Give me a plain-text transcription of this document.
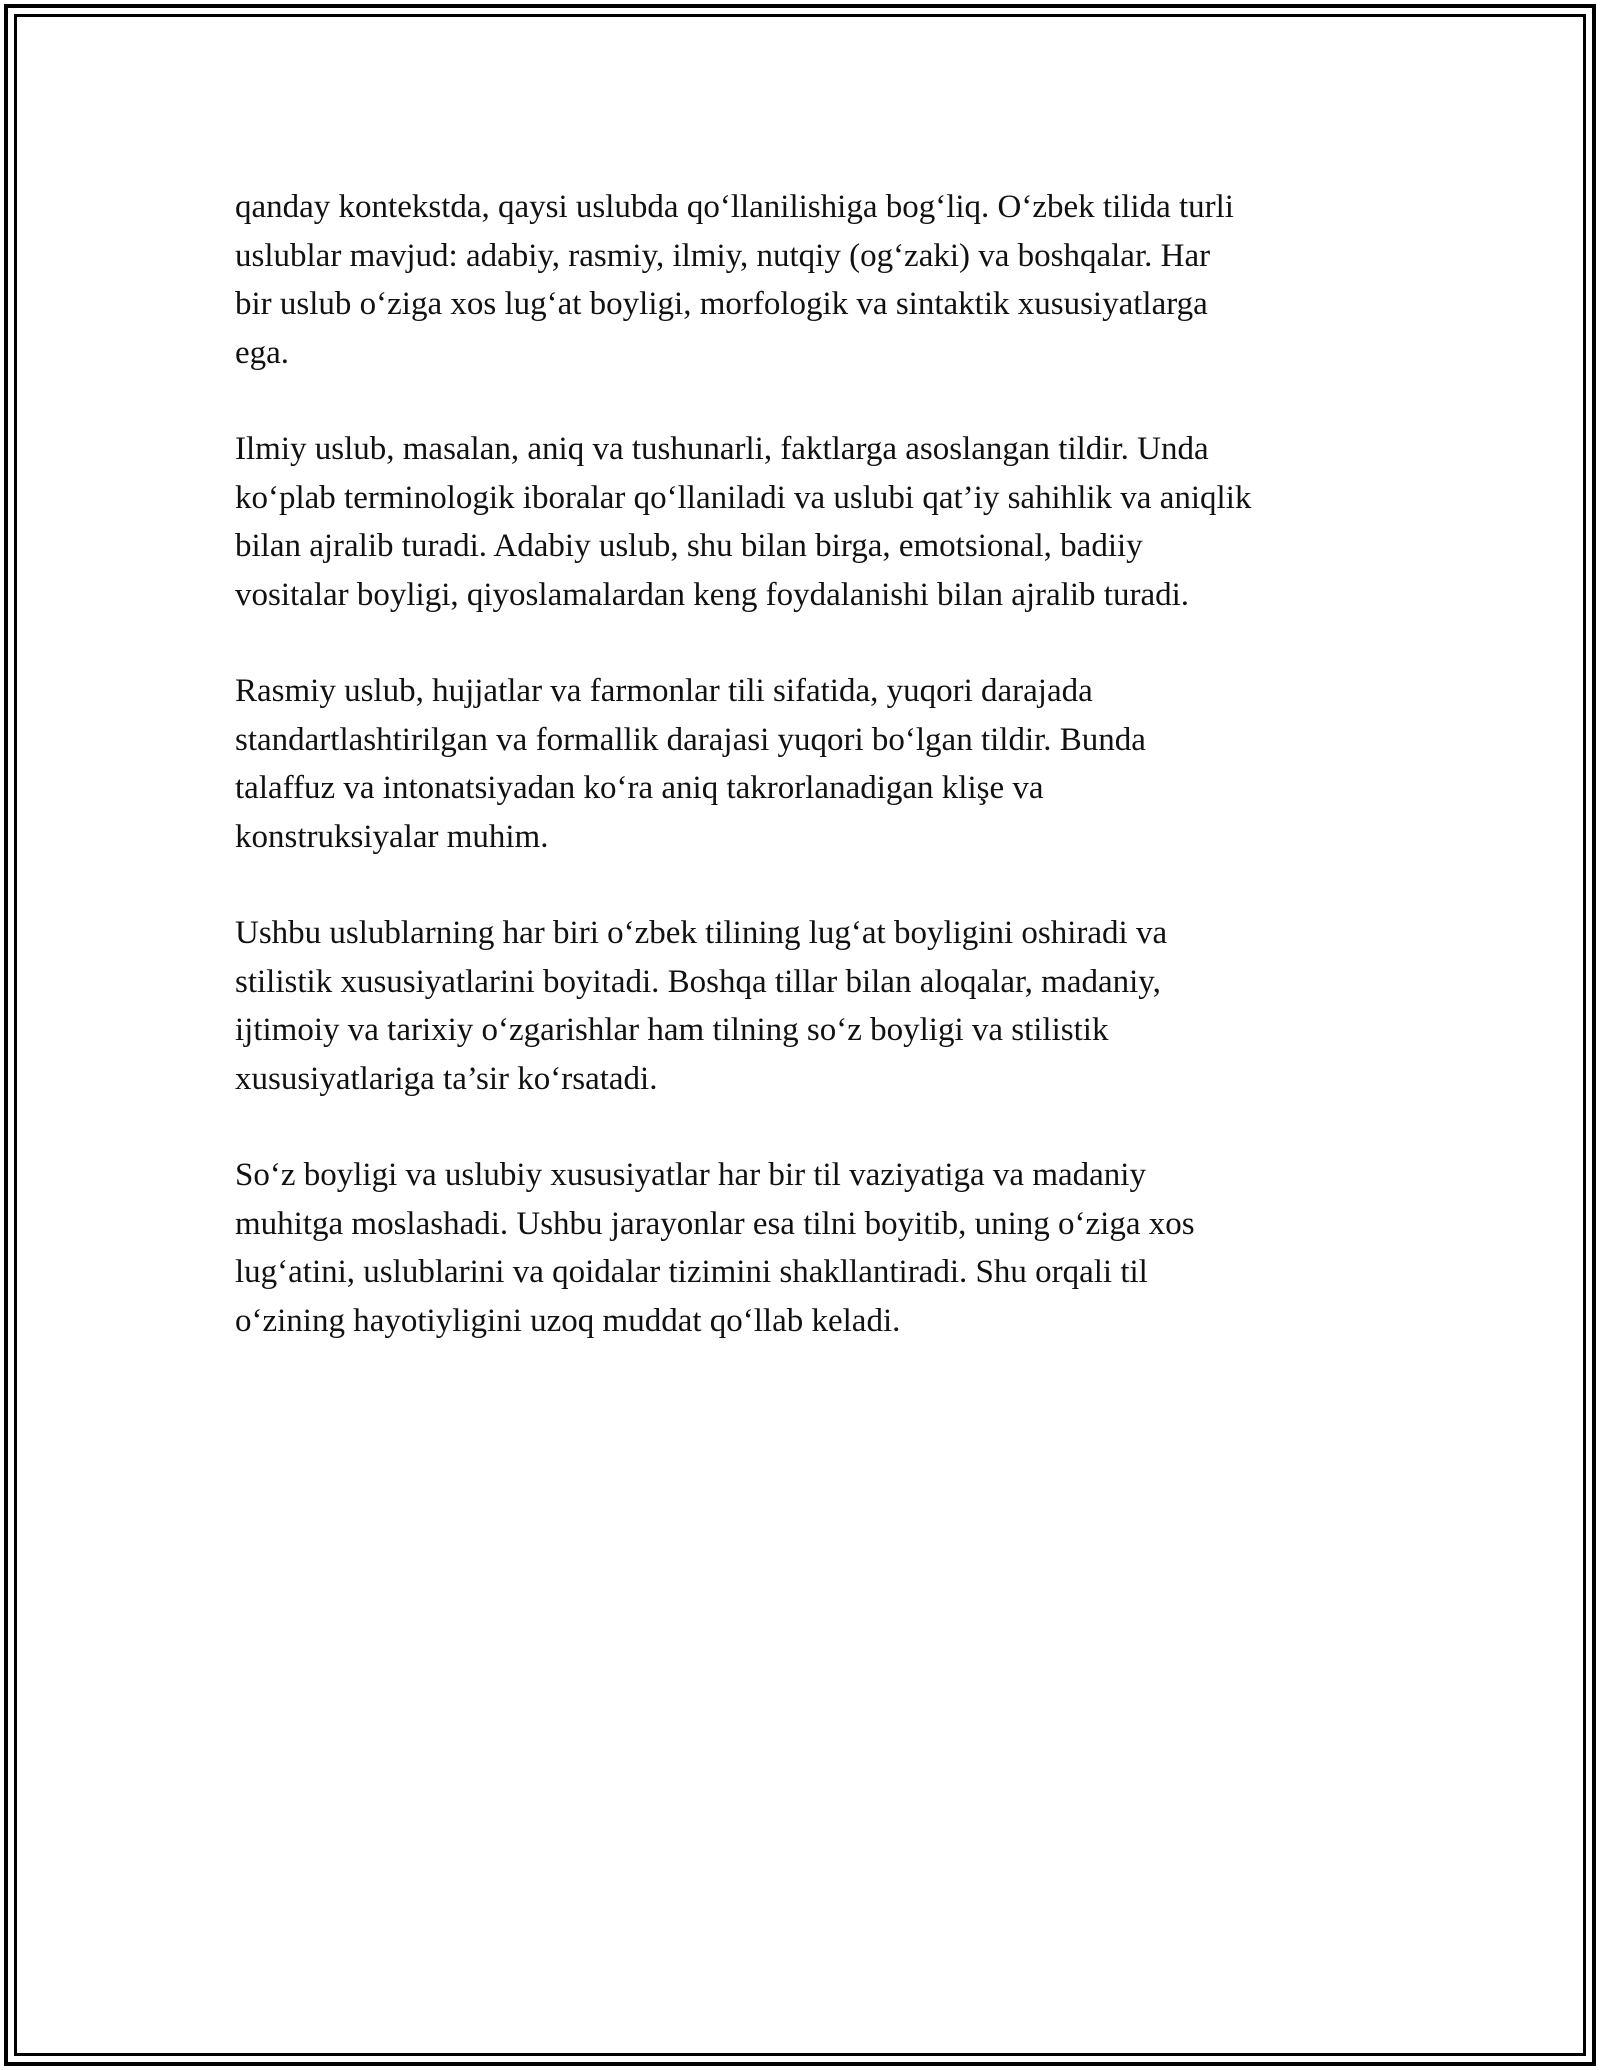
qanday kontekstda, qaysi uslubda qo‘llanilishiga bog‘liq. O‘zbek tilida turli
uslublar mavjud: adabiy, rasmiy, ilmiy, nutqiy (og‘zaki) va boshqalar. Har
bir uslub o‘ziga xos lug‘at boyligi, morfologik va sintaktik xususiyatlarga
ega.

Ilmiy uslub, masalan, aniq va tushunarli, faktlarga asoslangan tildir. Unda
ko‘plab terminologik iboralar qo‘llaniladi va uslubi qat’iy sahihlik va aniqlik
bilan ajralib turadi. Adabiy uslub, shu bilan birga, emotsional, badiiy
vositalar boyligi, qiyoslamalardan keng foydalanishi bilan ajralib turadi.

Rasmiy uslub, hujjatlar va farmonlar tili sifatida, yuqori darajada
standartlashtirilgan va formallik darajasi yuqori bo‘lgan tildir. Bunda
talaffuz va intonatsiyadan ko‘ra aniq takrorlanadigan klişe va
konstruksiyalar muhim.

Ushbu uslublarning har biri o‘zbek tilining lug‘at boyligini oshiradi va
stilistik xususiyatlarini boyitadi. Boshqa tillar bilan aloqalar, madaniy,
ijtimoiy va tarixiy o‘zgarishlar ham tilning so‘z boyligi va stilistik
xususiyatlariga ta’sir ko‘rsatadi.

So‘z boyligi va uslubiy xususiyatlar har bir til vaziyatiga va madaniy
muhitga moslashadi. Ushbu jarayonlar esa tilni boyitib, uning o‘ziga xos
lug‘atini, uslublarini va qoidalar tizimini shakllantiradi. Shu orqali til
o‘zining hayotiyligini uzoq muddat qo‘llab keladi.
